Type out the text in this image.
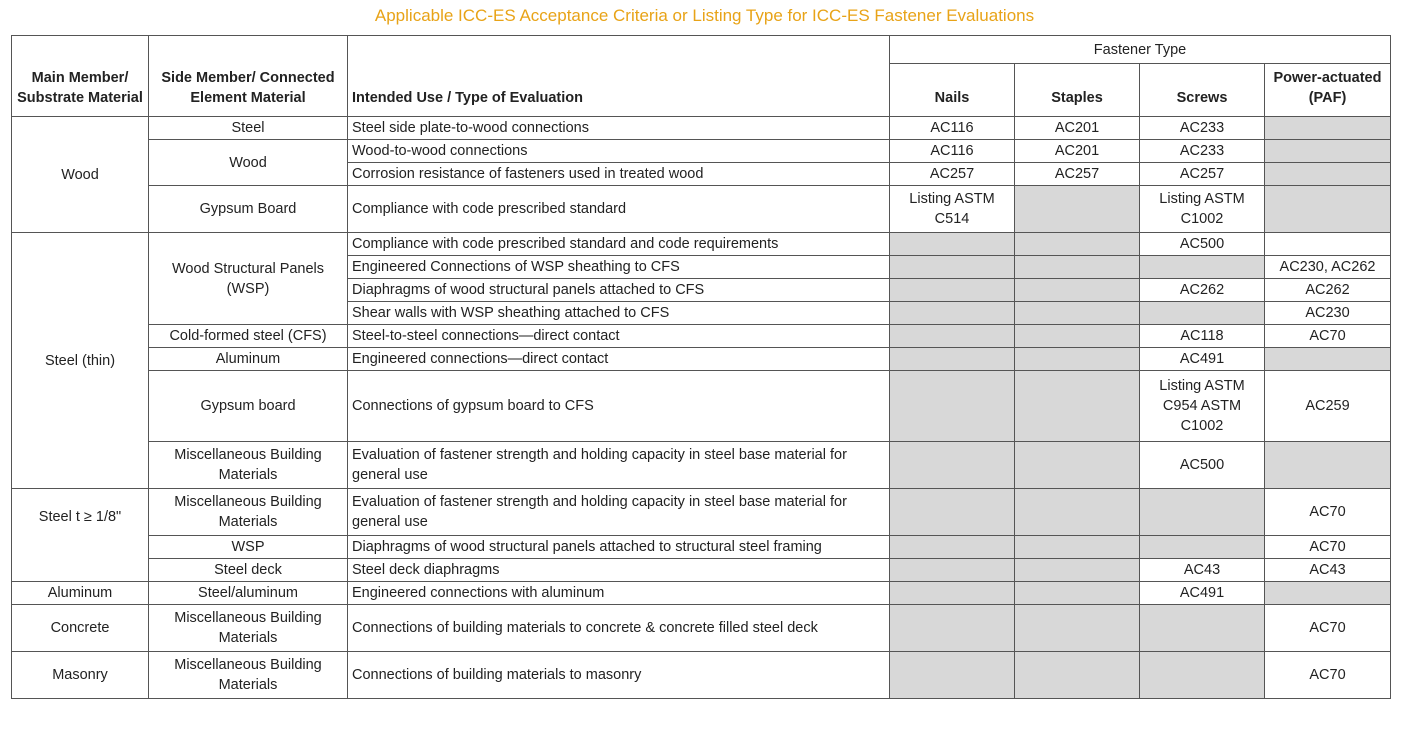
Applicable ICC-ES Acceptance Criteria or Listing Type for ICC-ES Fastener Evaluations
Main Member/ Substrate Material	Side Member/ Connected Element Material	Intended Use / Type of Evaluation	Fastener Type			
			Nails	Staples	Screws	Power-actuated (PAF)
Wood	Steel	Steel side plate-to-wood connections	AC116	AC201	AC233	
	Wood	Wood-to-wood connections	AC116	AC201	AC233	
		Corrosion resistance of fasteners used in treated wood	AC257	AC257	AC257	
	Gypsum Board	Compliance with code prescribed standard	Listing ASTM C514		Listing ASTM C1002	
Steel (thin)	Wood Structural Panels (WSP)	Compliance with code prescribed standard and code requirements			AC500	
		Engineered Connections of WSP sheathing to CFS				AC230, AC262
		Diaphragms of wood structural panels attached to CFS			AC262	AC262
		Shear walls with WSP sheathing attached to CFS				AC230
	Cold-formed steel (CFS)	Steel-to-steel connections—direct contact			AC118	AC70
	Aluminum	Engineered connections—direct contact			AC491	
	Gypsum board	Connections of gypsum board to CFS			Listing ASTM C954 ASTM C1002	AC259
	Miscellaneous Building Materials	Evaluation of fastener strength and holding capacity in steel base material for general use			AC500	
Steel t ≥ 1/8"	Miscellaneous Building Materials	Evaluation of fastener strength and holding capacity in steel base material for general use				AC70
	WSP	Diaphragms of wood structural panels attached to structural steel framing				AC70
	Steel deck	Steel deck diaphragms			AC43	AC43
Aluminum	Steel/aluminum	Engineered connections with aluminum			AC491	
Concrete	Miscellaneous Building Materials	Connections of building materials to concrete & concrete filled steel deck				AC70
Masonry	Miscellaneous Building Materials	Connections of building materials to masonry				AC70
